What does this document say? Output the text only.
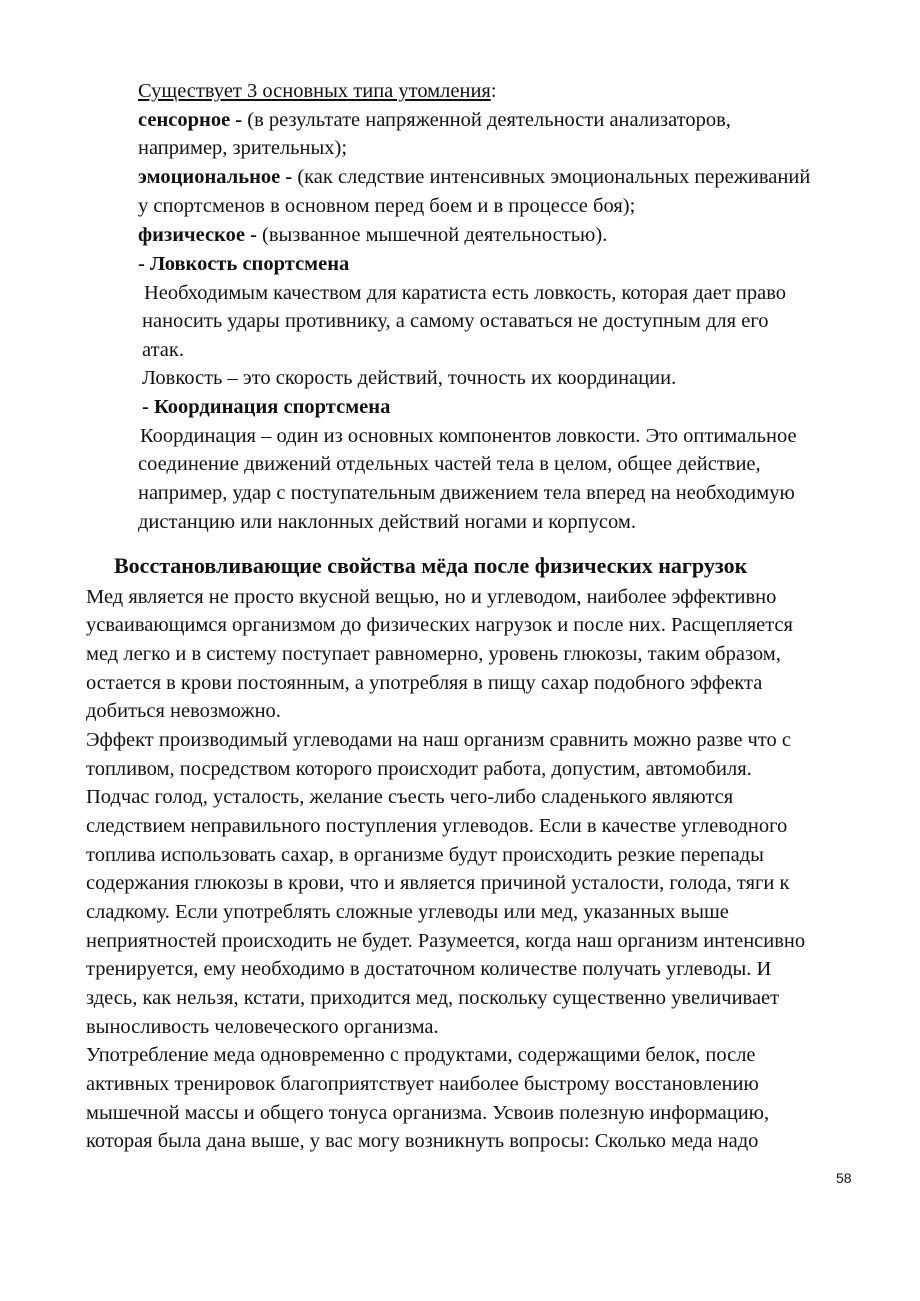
Существует 3 основных типа утомления:
сенсорное - (в результате напряженной деятельности анализаторов,
например, зрительных);
эмоциональное - (как следствие интенсивных эмоциональных переживаний
у спортсменов в основном перед боем и в процессе боя);
физическое - (вызванное мышечной деятельностью).
- Ловкость спортсмена
Необходимым качеством для каратиста есть ловкость, которая дает право
наносить удары противнику, а самому оставаться не доступным для его
атак.
Ловкость – это скорость действий, точность их координации.
- Координация спортсмена
Координация – один из основных компонентов ловкости. Это оптимальное
соединение движений отдельных частей тела в целом, общее действие,
например, удар с поступательным движением тела вперед на необходимую
дистанцию или наклонных действий ногами и корпусом.
Восстановливающие свойства мёда после физических нагрузок
Мед является не просто вкусной вещью, но и углеводом, наиболее эффективно
усваивающимся организмом до физических нагрузок и после них. Расщепляется
мед легко и в систему поступает равномерно, уровень глюкозы, таким образом,
остается в крови постоянным, а употребляя в пищу сахар подобного эффекта
добиться невозможно.
Эффект производимый углеводами на наш организм сравнить можно разве что с
топливом, посредством которого происходит работа, допустим, автомобиля.
Подчас голод, усталость, желание съесть чего-либо сладенького являются
следствием неправильного поступления углеводов. Если в качестве углеводного
топлива использовать сахар, в организме будут происходить резкие перепады
содержания глюкозы в крови, что и является причиной усталости, голода, тяги к
сладкому. Если употреблять сложные углеводы или мед, указанных выше
неприятностей происходить не будет. Разумеется, когда наш организм интенсивно
тренируется, ему необходимо в достаточном количестве получать углеводы. И
здесь, как нельзя, кстати, приходится мед, поскольку существенно увеличивает
выносливость человеческого организма.
Употребление меда одновременно с продуктами, содержащими белок, после
активных тренировок благоприятствует наиболее быстрому восстановлению
мышечной массы и общего тонуса организма. Усвоив полезную информацию,
которая была дана выше, у вас могу возникнуть вопросы: Сколько меда надо
58
